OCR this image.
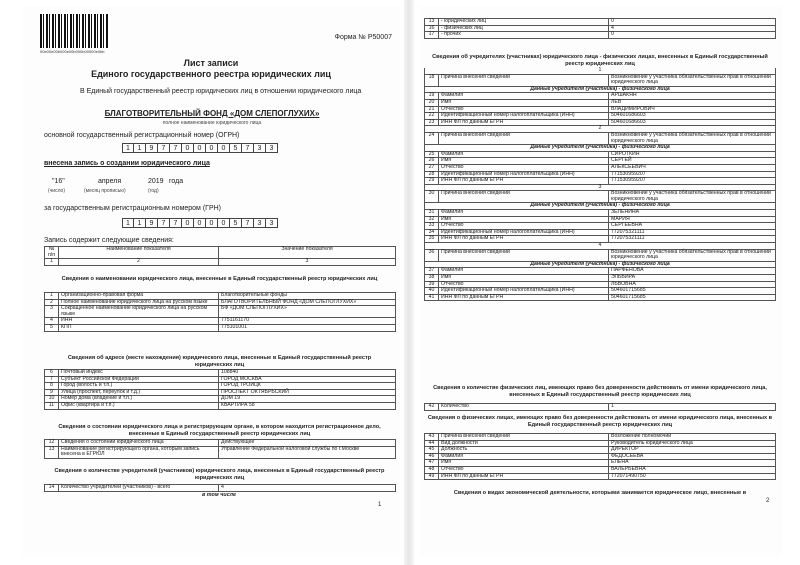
00e00e00b000e00b000b00000e0bb
Форма № Р50007
Лист записи
Единого государственного реестра юридических лиц
В Единый государственный реестр юридических лиц в отношении юридического лица
БЛАГОТВОРИТЕЛЬНЫЙ ФОНД «ДОМ СЛЕПОГЛУХИХ»
полное наименование юридического лица
основной государственный регистрационный номер (ОГРН)
1	1	9	7	7	0	0	0	0	5	7	3	3
внесена запись о создании юридического лица
"16"	апреля	2019 года
(число)	(месяц прописью)	(год)
за государственным регистрационным номером (ГРН)
1	1	9	7	7	0	0	0	0	5	7	3	3
Запись содержит следующие сведения:
№ п/п	Наименование показателя	Значение показателя
1	2	3
Сведения о наименовании юридического лица, внесенные в Единый государственный реестр юридических лиц
1	Организационно-правовая форма	Благотворительные фонды
2	Полное наименование юридического лица на русском языке	БЛАГОТВОРИТЕЛЬНЫЙ ФОНД «ДОМ СЛЕПОГЛУХИХ»
3	Сокращенное наименование юридического лица на русском языке	БФ «ДОМ СЛЕПОГЛУХИХ»
4	ИНН	7751161170
5	КПП	775101001
Сведения об адресе (месте нахождения) юридического лица, внесенные в Единый государственный реестр юридических лиц
6	Почтовый индекс	108840
7	Субъект Российской Федерации	ГОРОД МОСКВА
8	Город (волость и т.п.)	ГОРОД ТРОИЦК
9	Улица (проспект, переулок и т.д.)	ПРОСПЕКТ ОКТЯБРЬСКИЙ
10	Номер дома (владение и т.п.)	ДОМ 19
11	Офис (квартира и т.п.)	КВАРТИРА 58
Сведения о состоянии юридического лица и регистрирующем органе, в котором находится регистрационное дело, внесенные в Единый государственный реестр юридических лиц
12	Сведения о состоянии юридического лица	Действующее
13	Наименование регистрирующего органа, которым запись внесена в ЕГРЮЛ	Управление Федеральной налоговой службы по г.Москве
Сведения о количестве учредителей (участников) юридического лица, внесенных в Единый государственный реестр юридических лиц
14	Количество учредителей (участников) - всего	4
в том числе
1
13	- юридических лиц	0
16	- физических лиц	4
17	- прочих	0
Сведения об учредителях (участниках) юридического лица - физических лицах, внесенных в Единый государственный реестр юридических лиц
1		
18	Причина внесения сведений	Возникновение у участника обязательственных прав в отношении юридического лица
Данные учредителя (участника) - физического лица		
19	Фамилия	АРШАКЯН
20	Имя	ЛЕВ
21	Отчество	ВЛАДИМИРОВИЧ
22	Идентификационный номер налогоплательщика (ИНН)	504601686603
23	ИНН ФЛ по данным ЕГРН	504601686603
2		
24	Причина внесения сведений	Возникновение у участника обязательственных прав в отношении юридического лица
Данные учредителя (участника) - физического лица		
25	Фамилия	СИРОТКИН
26	Имя	СЕРГЕЙ
27	Отчество	АЛЕКСЕЕВИЧ
28	Идентификационный номер налогоплательщика (ИНН)	771530959207
29	ИНН ФЛ по данным ЕГРН	771530959207
3		
30	Причина внесения сведений	Возникновение у участника обязательственных прав в отношении юридического лица
Данные учредителя (участника) - физического лица		
31	Фамилия	ЗЕЛЕНИНА
32	Имя	МАРИЯ
33	Отчество	СЕРГЕЕВНА
34	Идентификационный номер налогоплательщика (ИНН)	772075321111
35	ИНН ФЛ по данным ЕГРН	772075321111
4		
36	Причина внесения сведений	Возникновение у участника обязательственных прав в отношении юридического лица
Данные учредителя (участника) - физического лица		
37	Фамилия	ПАРФЕНОВА
38	Имя	ЭЛЬВИРА
39	Отчество	ЛЬВОВНА
40	Идентификационный номер налогоплательщика (ИНН)	504601715685
41	ИНН ФЛ по данным ЕГРН	504601715685
Сведения о количестве физических лиц, имеющих право без доверенности действовать от имени юридического лица, внесенных в Единый государственный реестр юридических лиц
42	Количество	1
Сведения о физических лицах, имеющих право без доверенности действовать от имени юридического лица, внесенных в Единый государственный реестр юридических лиц
43	Причина внесения сведений	Возложение полномочий
44	Вид должности	Руководитель юридического лица
45	Должность	ДИРЕКТОР
46	Фамилия	ФЕДОСЕЕВА
47	Имя	ЕЛЕНА
48	Отчество	ВАЛЕРЬЕВНА
49	ИНН ФЛ по данным ЕГРН	772071490750
Сведения о видах экономической деятельности, которыми занимается юридическое лицо, внесенные в
2
